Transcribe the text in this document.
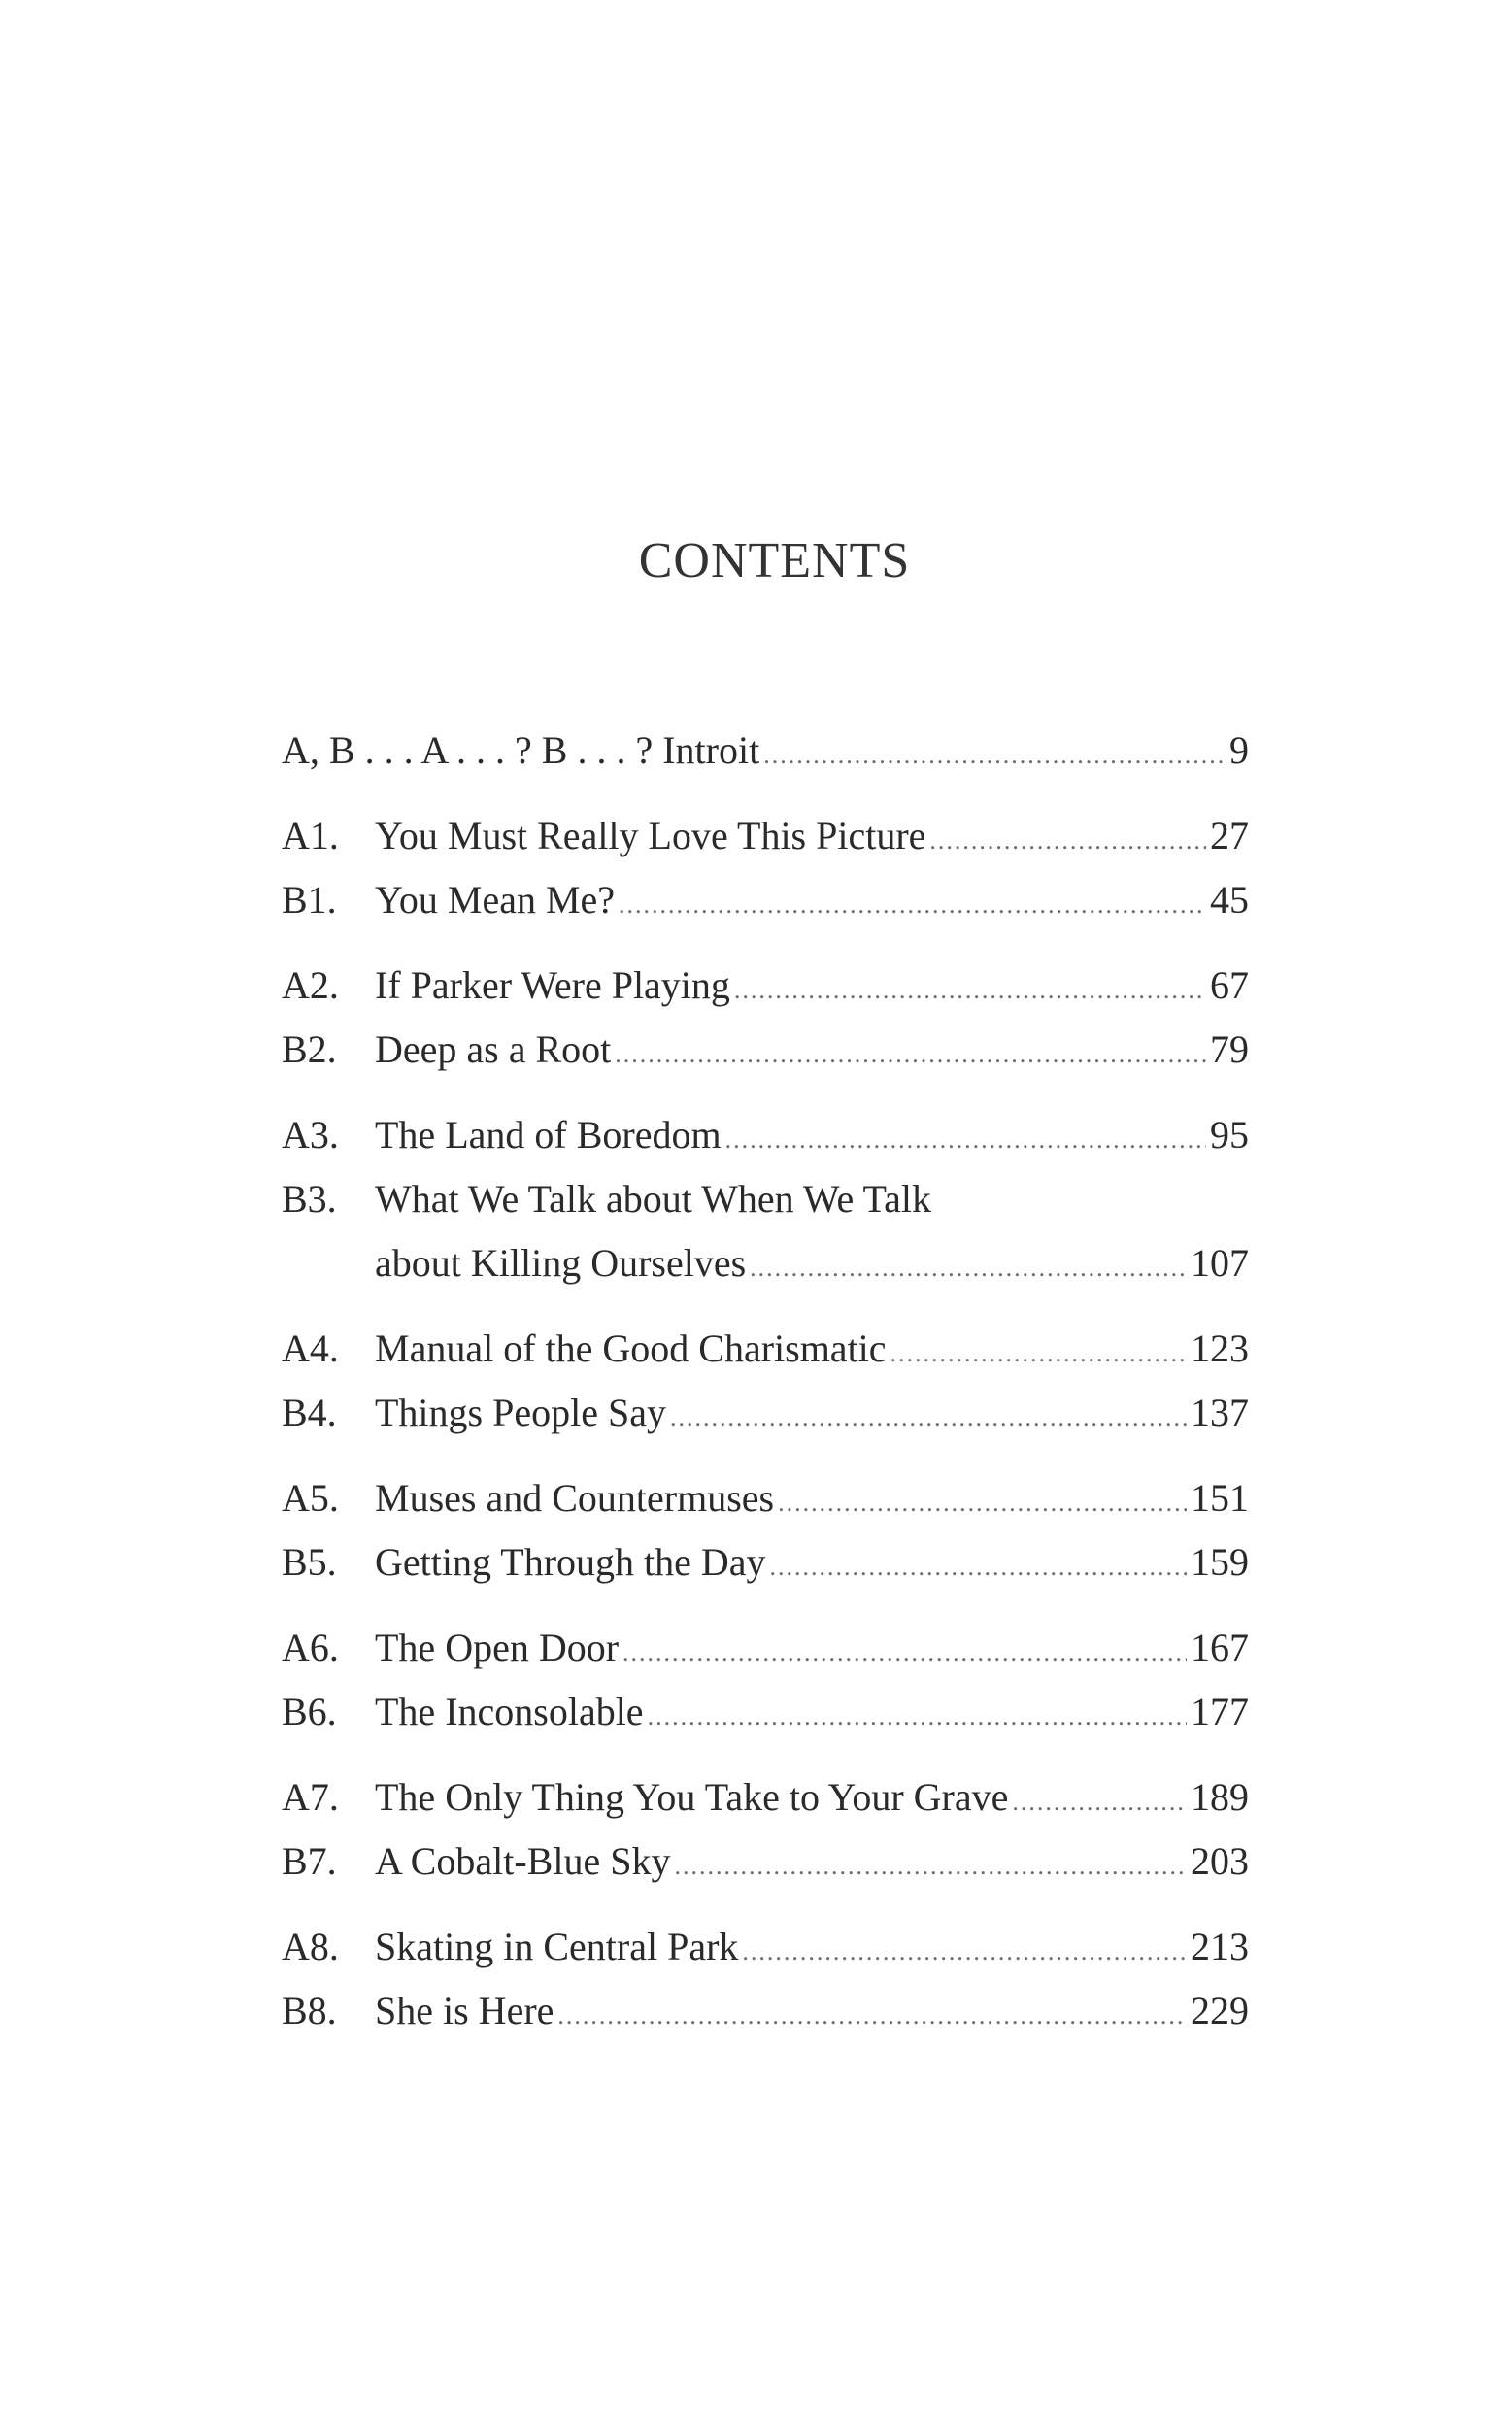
CONTENTS
A, B . . . A . . . ? B . . . ? Introit .....	9
A1. You Must Really Love This Picture .....	27
B1. You Mean Me? .....	45
A2. If Parker Were Playing .....	67
B2. Deep as a Root .....	79
A3. The Land of Boredom .....	95
B3. What We Talk about When We Talk
about Killing Ourselves .....	107
A4. Manual of the Good Charismatic .....	123
B4. Things People Say .....	137
A5. Muses and Countermuses .....	151
B5. Getting Through the Day .....	159
A6. The Open Door .....	167
B6. The Inconsolable .....	177
A7. The Only Thing You Take to Your Grave .....	189
B7. A Cobalt-Blue Sky .....	203
A8. Skating in Central Park .....	213
B8. She is Here .....	229
